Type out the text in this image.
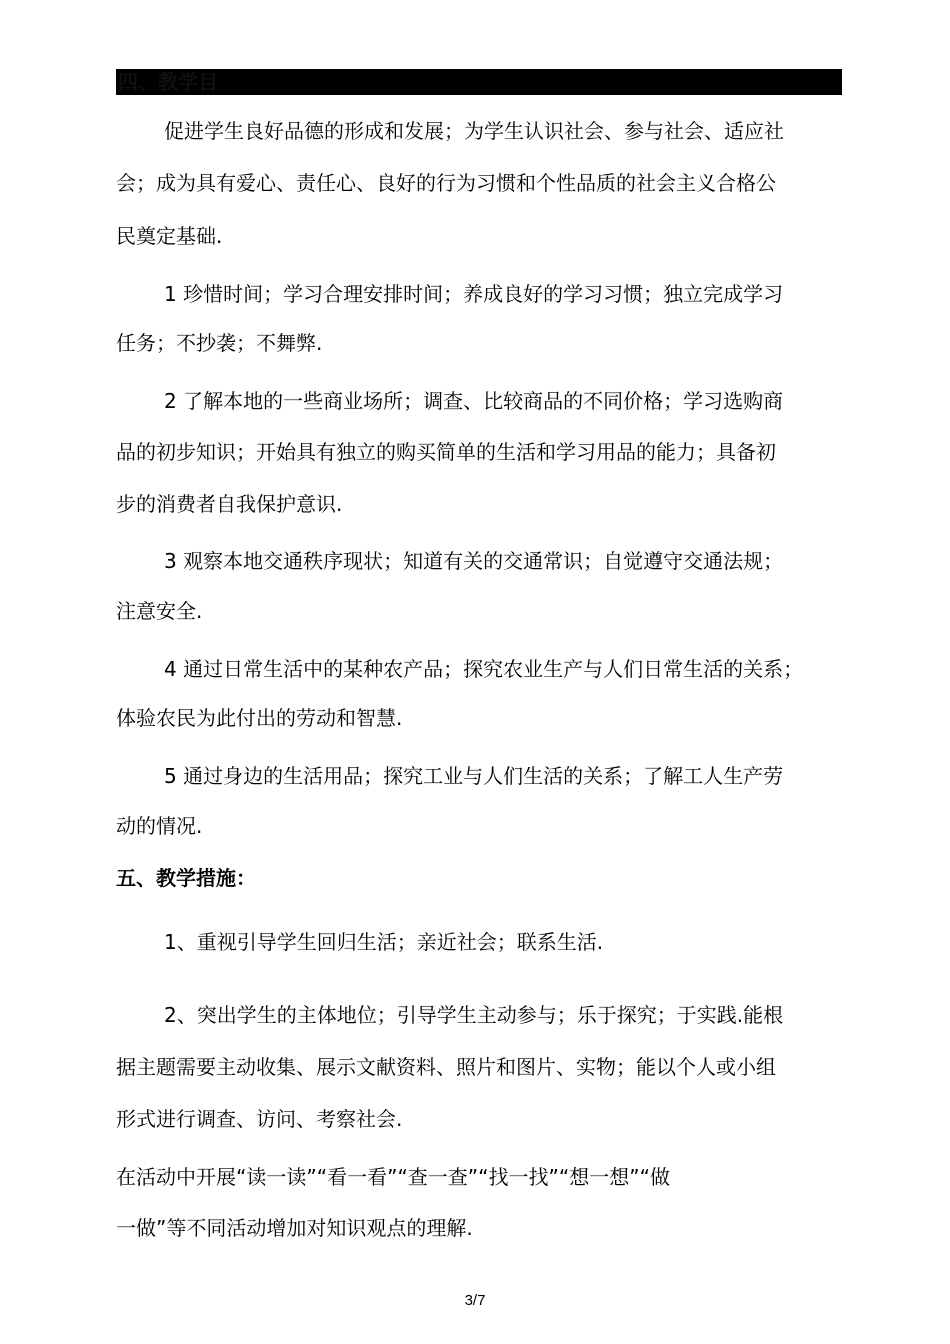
四、教学目
促进学生良好品德的形成和发展；为学生认识社会、参与社会、适应社
会；成为具有爱心、责任心、良好的行为习惯和个性品质的社会主义合格公
民奠定基础.
1 珍惜时间；学习合理安排时间；养成良好的学习习惯；独立完成学习
任务；不抄袭；不舞弊.
2 了解本地的一些商业场所；调查、比较商品的不同价格；学习选购商
品的初步知识；开始具有独立的购买简单的生活和学习用品的能力；具备初
步的消费者自我保护意识.
3 观察本地交通秩序现状；知道有关的交通常识；自觉遵守交通法规；
注意安全.
4 通过日常生活中的某种农产品；探究农业生产与人们日常生活的关系；
体验农民为此付出的劳动和智慧.
5 通过身边的生活用品；探究工业与人们生活的关系；了解工人生产劳
动的情况.
五、教学措施：
1、重视引导学生回归生活；亲近社会；联系生活.
2、突出学生的主体地位；引导学生主动参与；乐于探究；于实践.能根
据主题需要主动收集、展示文献资料、照片和图片、实物；能以个人或小组
形式进行调查、访问、考察社会.
在活动中开展“读一读”“看一看”“查一查”“找一找”“想一想”“做
一做”等不同活动增加对知识观点的理解.
3/7
